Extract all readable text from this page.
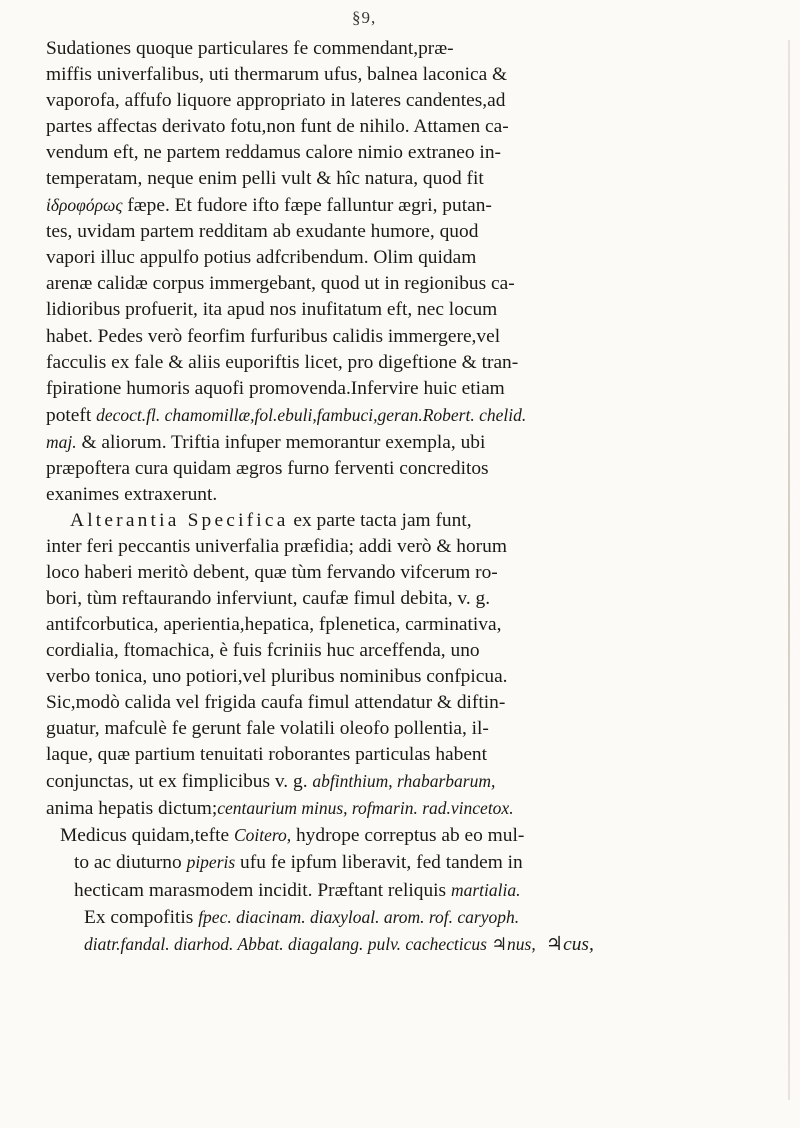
§9,
Sudationes quoque particulares fe commendant,præ-
miffis univerfalibus, uti thermarum ufus, balnea laconica &
vaporofa, affufo liquore appropriato in lateres candentes,ad
partes affectas derivato fotu,non funt de nihilo. Attamen ca-
vendum eft, ne partem reddamus calore nimio extraneo in-
temperatam, neque enim pelli vult & hîc natura, quod fit
ἱδροφόρως fæpe. Et fudore ifto fæpe falluntur ægri, putan-
tes, uvidam partem redditam ab exudante humore, quod
vapori illuc appulfo potius adfcribendum. Olim quidam
arenæ calidæ corpus immergebant, quod ut in regionibus ca-
lidioribus profuerit, ita apud nos inufitatum eft, nec locum
habet. Pedes verò feorfim furfuribus calidis immergere,vel
facculis ex fale & aliis euporiftis licet, pro digeftione & tran-
fpiratione humoris aquofi promovenda.Infervire huic etiam
poteft decoct.fl. chamomillæ,fol.ebuli,fambuci,geran.Robert. chelid.
maj. & aliorum. Triftia infuper memorantur exempla, ubi
præpoftera cura quidam ægros furno ferventi concreditos
exanimes extraxerunt.
Alterantia Specifica ex parte tacta jam funt,
inter feri peccantis univerfalia præfidia; addi verò & horum
loco haberi meritò debent, quæ tùm fervando vifcerum ro-
bori, tùm reftaurando inferviunt, caufæ fimul debita, v. g.
antifcorbutica, aperientia,hepatica, fplenetica, carminativa,
cordialia, ftomachica, è fuis fcriniis huc arceffenda, uno
verbo tonica, uno potiori,vel pluribus nominibus confpicua.
Sic,modò calida vel frigida caufa fimul attendatur & diftin-
guatur, mafculè fe gerunt fale volatili oleofo pollentia, il-
laque, quæ partium tenuitati roborantes particulas habent
conjunctas, ut ex fimplicibus v. g. abfinthium, rhabarbarum,
anima hepatis dictum;centaurium minus, rofmarin. rad.vincetox.
Medicus quidam,tefte Coitero, hydrope correptus ab eo mul-
to ac diuturno piperis ufu fe ipfum liberavit, fed tandem in
hecticam marasmodem incidit. Præftant reliquis martialia.
Ex compofitis fpec. diacinam. diaxyloal. arom. rof. caryoph.
diatr.fandal. diarhod. Abbat. diagalang. pulv. cachecticus ♃nus, ♃cus,
